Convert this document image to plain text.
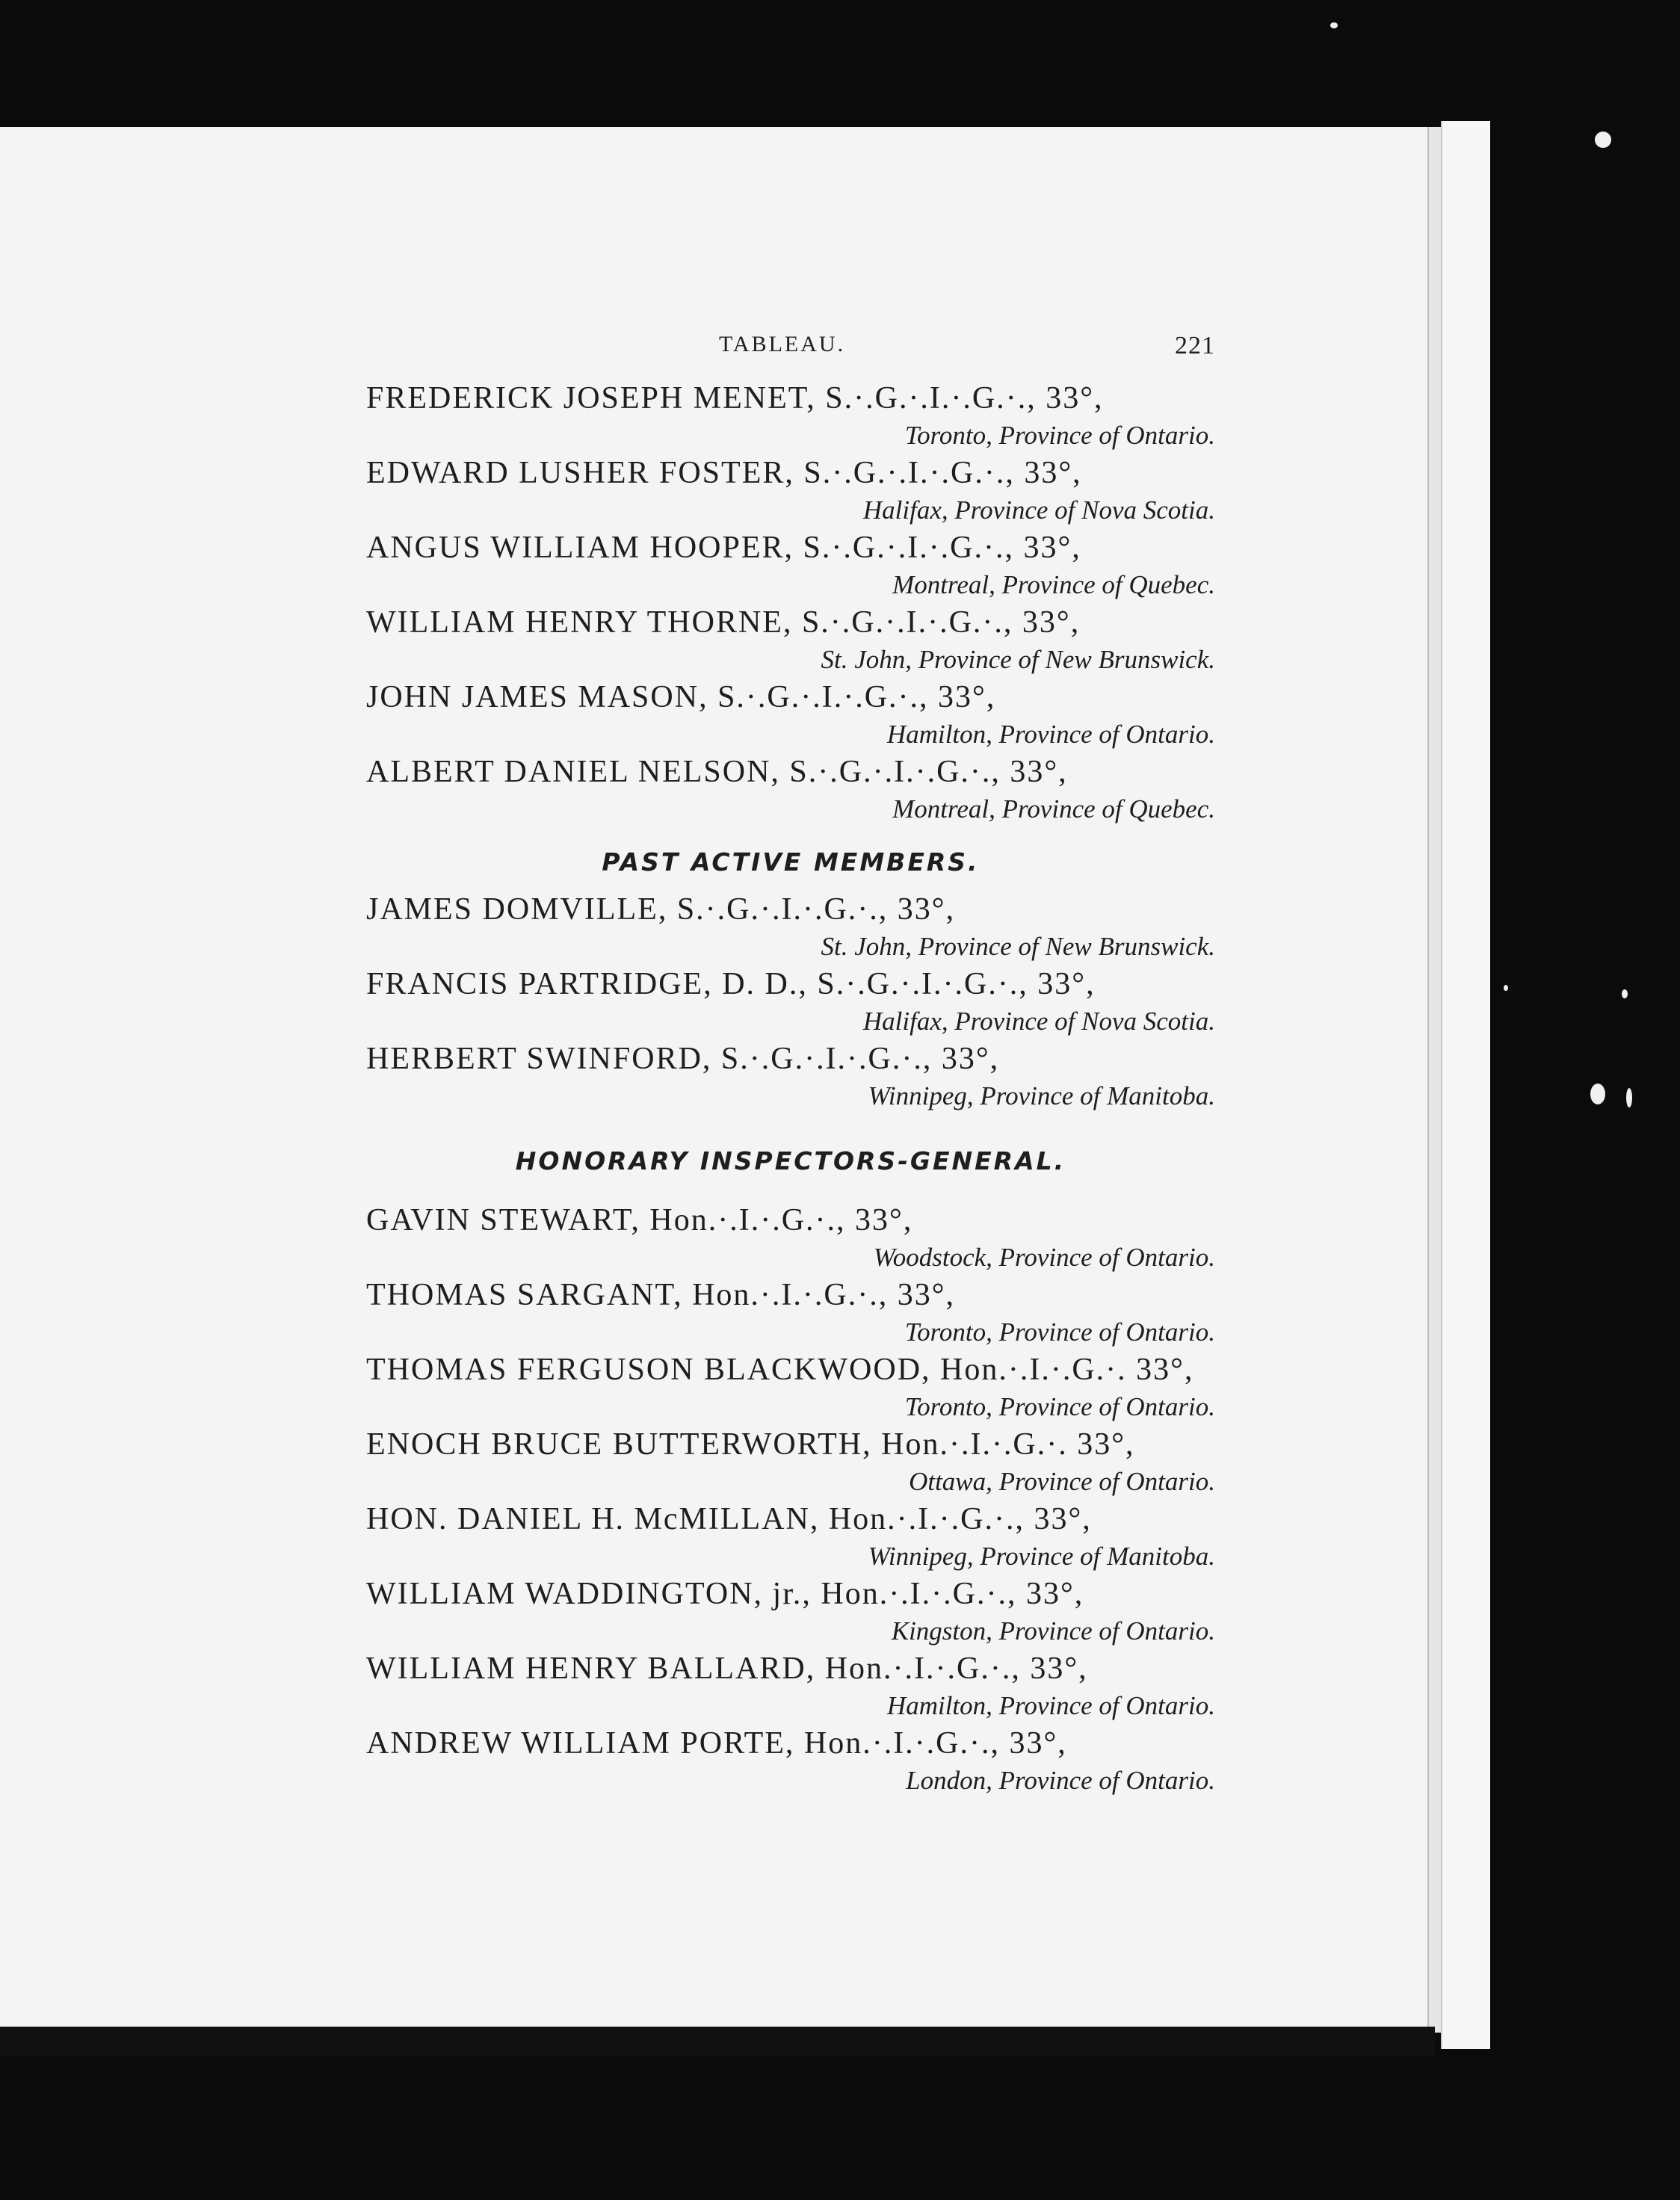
TABLEAU.	221
FREDERICK JOSEPH MENET, S.·.G.·.I.·.G.·., 33°,
Toronto, Province of Ontario.
EDWARD LUSHER FOSTER, S.·.G.·.I.·.G.·., 33°,
Halifax, Province of Nova Scotia.
ANGUS WILLIAM HOOPER, S.·.G.·.I.·.G.·., 33°,
Montreal, Province of Quebec.
WILLIAM HENRY THORNE, S.·.G.·.I.·.G.·., 33°,
St. John, Province of New Brunswick.
JOHN JAMES MASON, S.·.G.·.I.·.G.·., 33°,
Hamilton, Province of Ontario.
ALBERT DANIEL NELSON, S.·.G.·.I.·.G.·., 33°,
Montreal, Province of Quebec.
PAST ACTIVE MEMBERS.
JAMES DOMVILLE, S.·.G.·.I.·.G.·., 33°,
St. John, Province of New Brunswick.
FRANCIS PARTRIDGE, D. D., S.·.G.·.I.·.G.·., 33°,
Halifax, Province of Nova Scotia.
HERBERT SWINFORD, S.·.G.·.I.·.G.·., 33°,
Winnipeg, Province of Manitoba.
HONORARY INSPECTORS-GENERAL.
GAVIN STEWART, Hon.·.I.·.G.·., 33°,
Woodstock, Province of Ontario.
THOMAS SARGANT, Hon.·.I.·.G.·., 33°,
Toronto, Province of Ontario.
THOMAS FERGUSON BLACKWOOD, Hon.·.I.·.G.·. 33°,
Toronto, Province of Ontario.
ENOCH BRUCE BUTTERWORTH, Hon.·.I.·.G.·. 33°,
Ottawa, Province of Ontario.
HON. DANIEL H. McMILLAN, Hon.·.I.·.G.·., 33°,
Winnipeg, Province of Manitoba.
WILLIAM WADDINGTON, jr., Hon.·.I.·.G.·., 33°,
Kingston, Province of Ontario.
WILLIAM HENRY BALLARD, Hon.·.I.·.G.·., 33°,
Hamilton, Province of Ontario.
ANDREW WILLIAM PORTE, Hon.·.I.·.G.·., 33°,
London, Province of Ontario.
